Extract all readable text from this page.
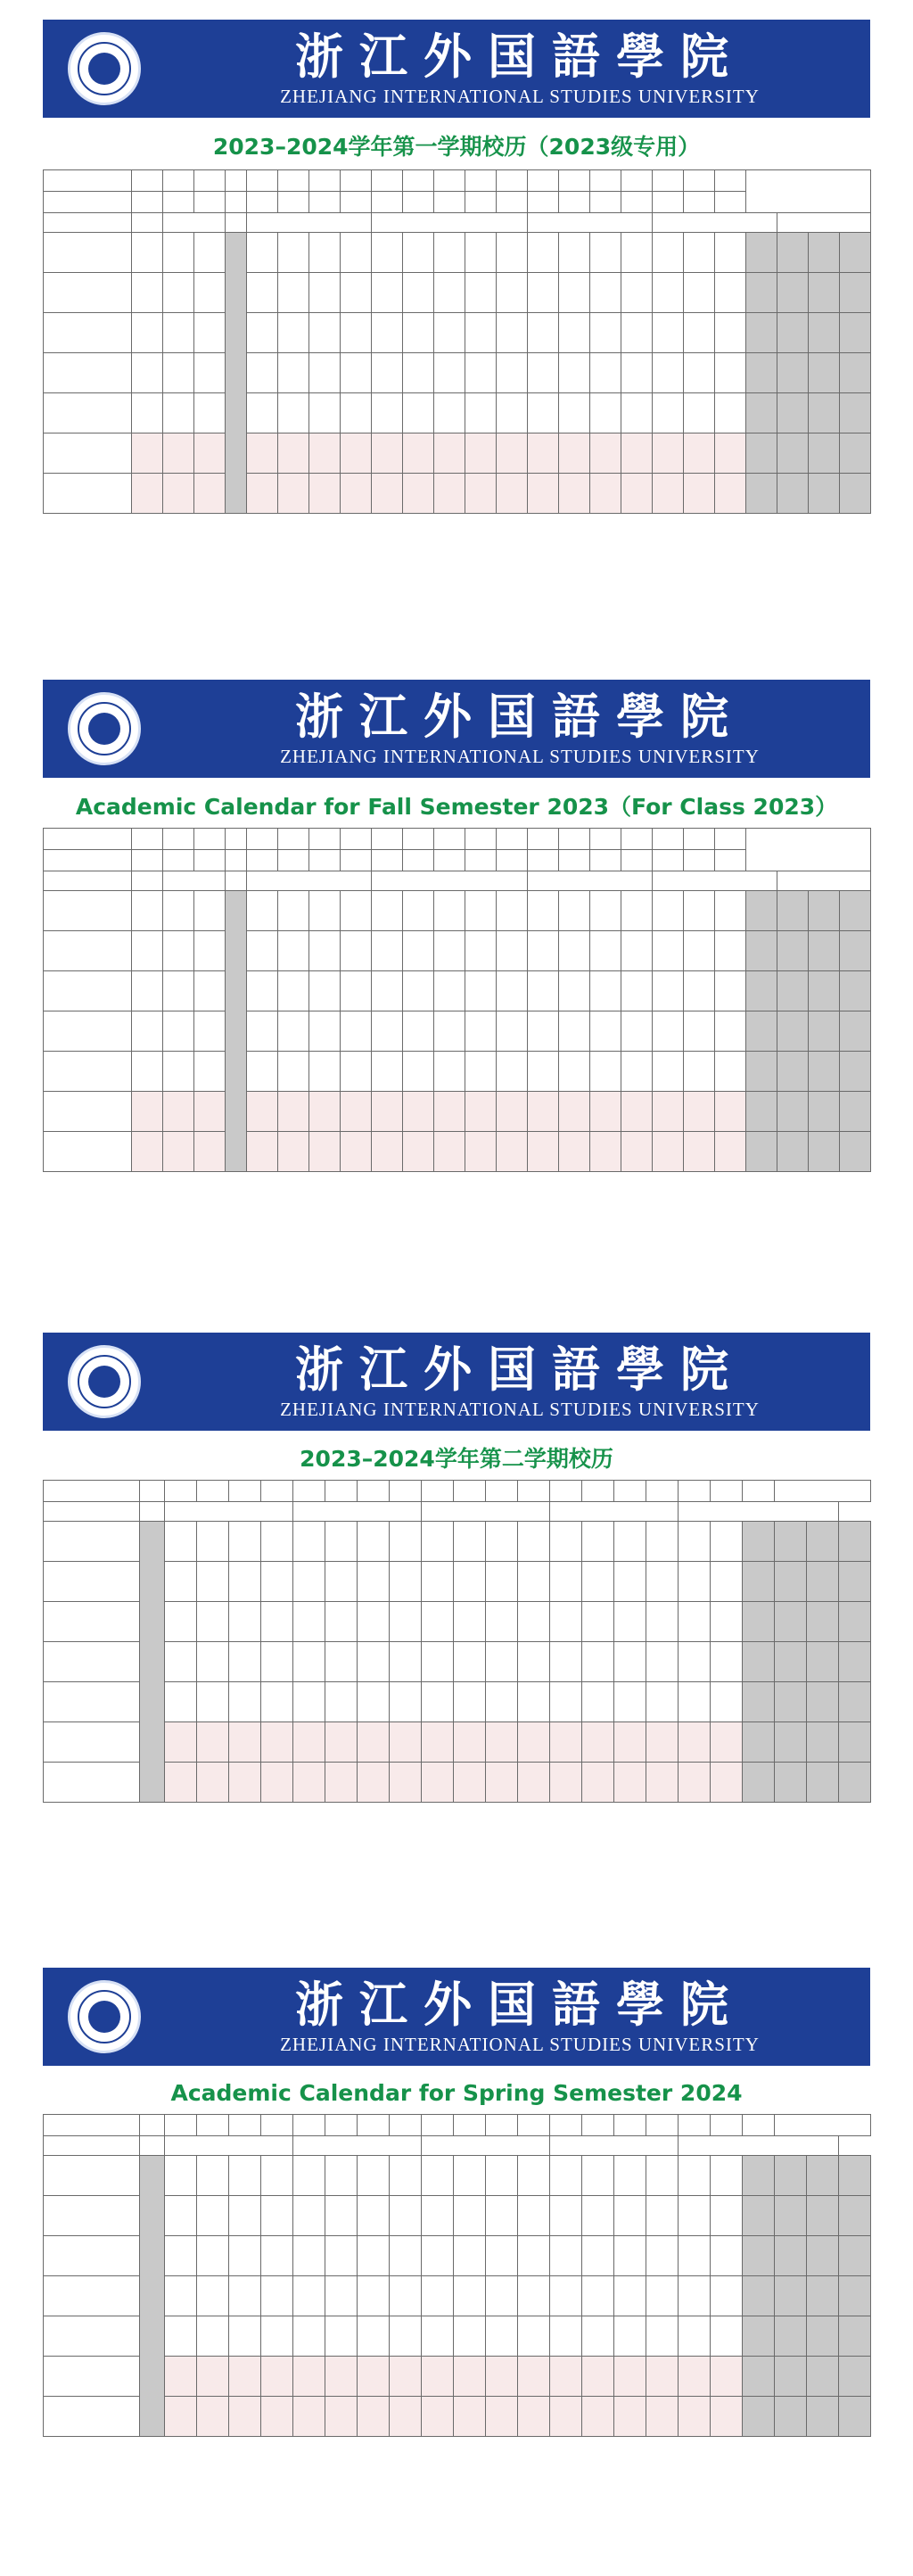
浙江外国語學院
ZHEJIANG INTERNATIONAL STUDIES UNIVERSITY
2023–2024学年第一学期校历（2023级专用）

浙江外国語學院
ZHEJIANG INTERNATIONAL STUDIES UNIVERSITY
Academic Calendar for Fall Semester 2023（For Class 2023）

浙江外国語學院
ZHEJIANG INTERNATIONAL STUDIES UNIVERSITY
2023–2024学年第二学期校历

浙江外国語學院
ZHEJIANG INTERNATIONAL STUDIES UNIVERSITY
Academic Calendar for Spring Semester 2024
